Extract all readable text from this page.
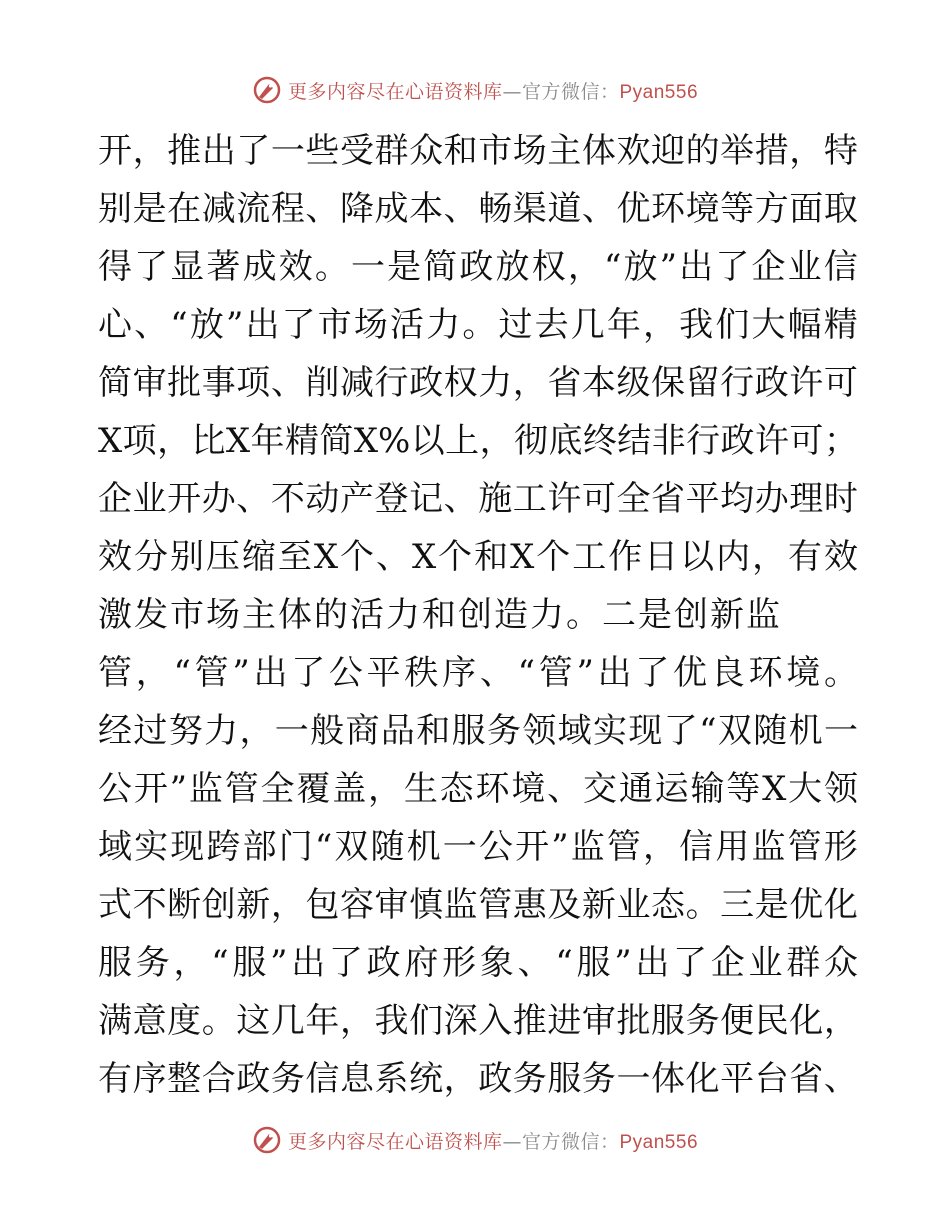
更多内容尽在心语资料库—官方微信：Pyan556
开 ， 推 出 了 一 些 受 群 众 和 市 场 主 体 欢 迎 的 举 措 ， 特
别 是 在 减 流 程 、 降 成 本 、 畅 渠 道 、 优 环 境 等 方 面 取
得 了 显 著 成 效 。 一 是 简 政 放 权 ， “ 放 ” 出 了 企 业 信
心 、 “ 放 ” 出 了 市 场 活 力 。 过 去 几 年 ， 我 们 大 幅 精
简 审 批 事 项 、 削 减 行 政 权 力 ， 省 本 级 保 留 行 政 许 可
X 项 ， 比 X 年 精 简 X% 以 上 ， 彻 底 终 结 非 行 政 许 可 ；
企 业 开 办 、 不 动 产 登 记 、 施 工 许 可 全 省 平 均 办 理 时
效 分 别 压 缩 至 X 个 、 X 个 和 X 个 工 作 日 以 内 ， 有 效
激发市场主体的活力和创造力。二是创新监
管 ， “ 管 ” 出 了 公 平 秩 序 、 “ 管 ” 出 了 优 良 环 境 。
经 过 努 力 ， 一 般 商 品 和 服 务 领 域 实 现 了 “ 双 随 机 一
公 开 ” 监 管 全 覆 盖 ， 生 态 环 境 、 交 通 运 输 等 X 大 领
域 实 现 跨 部 门 “ 双 随 机 一 公 开 ” 监 管 ， 信 用 监 管 形
式 不 断 创 新 ， 包 容 审 慎 监 管 惠 及 新 业 态 。 三 是 优 化
服 务 ， “ 服 ” 出 了 政 府 形 象 、 “ 服 ” 出 了 企 业 群 众
满 意 度 。 这 几 年 ， 我 们 深 入 推 进 审 批 服 务 便 民 化 ，
有 序 整 合 政 务 信 息 系 统 ， 政 务 服 务 一 体 化 平 台 省 、
更多内容尽在心语资料库—官方微信：Pyan556
